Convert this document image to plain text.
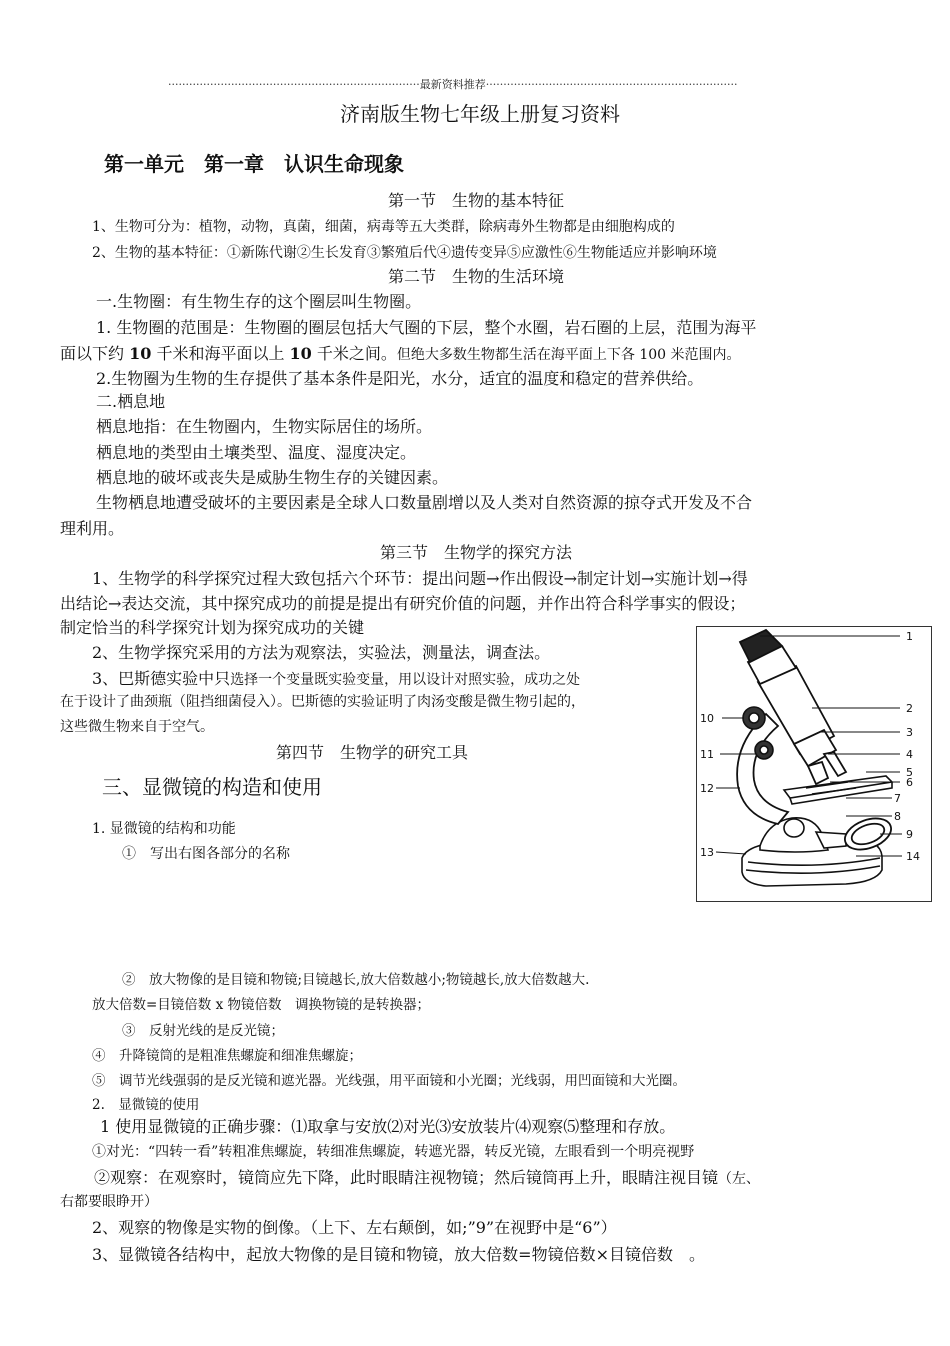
········································································最新资料推荐········································································
济南版生物七年级上册复习资料
第一单元　第一章　认识生命现象
第一节　生物的基本特征
1、生物可分为：植物，动物，真菌，细菌，病毒等五大类群，除病毒外生物都是由细胞构成的
2、生物的基本特征：①新陈代谢②生长发育③繁殖后代④遗传变异⑤应激性⑥生物能适应并影响环境
第二节　生物的生活环境
一.生物圈：有生物生存的这个圈层叫生物圈。
1. 生物圈的范围是：生物圈的圈层包括大气圈的下层，整个水圈，岩石圈的上层，范围为海平
面以下约 10 千米和海平面以上 10 千米之间。但绝大多数生物都生活在海平面上下各 100 米范围内。
2.生物圈为生物的生存提供了基本条件是阳光，水分，适宜的温度和稳定的营养供给。
二.栖息地
栖息地指：在生物圈内，生物实际居住的场所。
栖息地的类型由土壤类型、温度、湿度决定。
栖息地的破坏或丧失是威胁生物生存的关键因素。
生物栖息地遭受破坏的主要因素是全球人口数量剧增以及人类对自然资源的掠夺式开发及不合
理利用。
第三节　生物学的探究方法
1、生物学的科学探究过程大致包括六个环节：提出问题→作出假设→制定计划→实施计划→得
出结论→表达交流，其中探究成功的前提是提出有研究价值的问题，并作出符合科学事实的假设；
制定恰当的科学探究计划为探究成功的关键
2、生物学探究采用的方法为观察法，实验法，测量法，调查法。
3、巴斯德实验中只选择一个变量既实验变量，用以设计对照实验，成功之处
在于设计了曲颈瓶（阻挡细菌侵入）。巴斯德的实验证明了肉汤变酸是微生物引起的，
这些微生物来自于空气。
第四节　生物学的研究工具
三、显微镜的构造和使用
1. 显微镜的结构和功能
①　写出右图各部分的名称
②　放大物像的是目镜和物镜;目镜越长,放大倍数越小;物镜越长,放大倍数越大.
放大倍数=目镜倍数 x 物镜倍数　调换物镜的是转换器；
③　反射光线的是反光镜；
④　升降镜筒的是粗准焦螺旋和细准焦螺旋；
⑤　调节光线强弱的是反光镜和遮光器。光线强，用平面镜和小光圈；光线弱，用凹面镜和大光圈。
2.　显微镜的使用
1 使用显微镜的正确步骤：⑴取拿与安放⑵对光⑶安放装片⑷观察⑸整理和存放。
①对光：“四转一看”转粗准焦螺旋，转细准焦螺旋，转遮光器，转反光镜，左眼看到一个明亮视野
②观察：在观察时，镜筒应先下降，此时眼睛注视物镜；然后镜筒再上升，眼睛注视目镜（左、
右都要眼睁开）
2、观察的物像是实物的倒像。（上下、左右颠倒，如;”9”在视野中是“6”）
3、显微镜各结构中，起放大物像的是目镜和物镜，放大倍数=物镜倍数×目镜倍数　。
1
2
3
4
5
6
7
8
9
10
11
12
13	14
